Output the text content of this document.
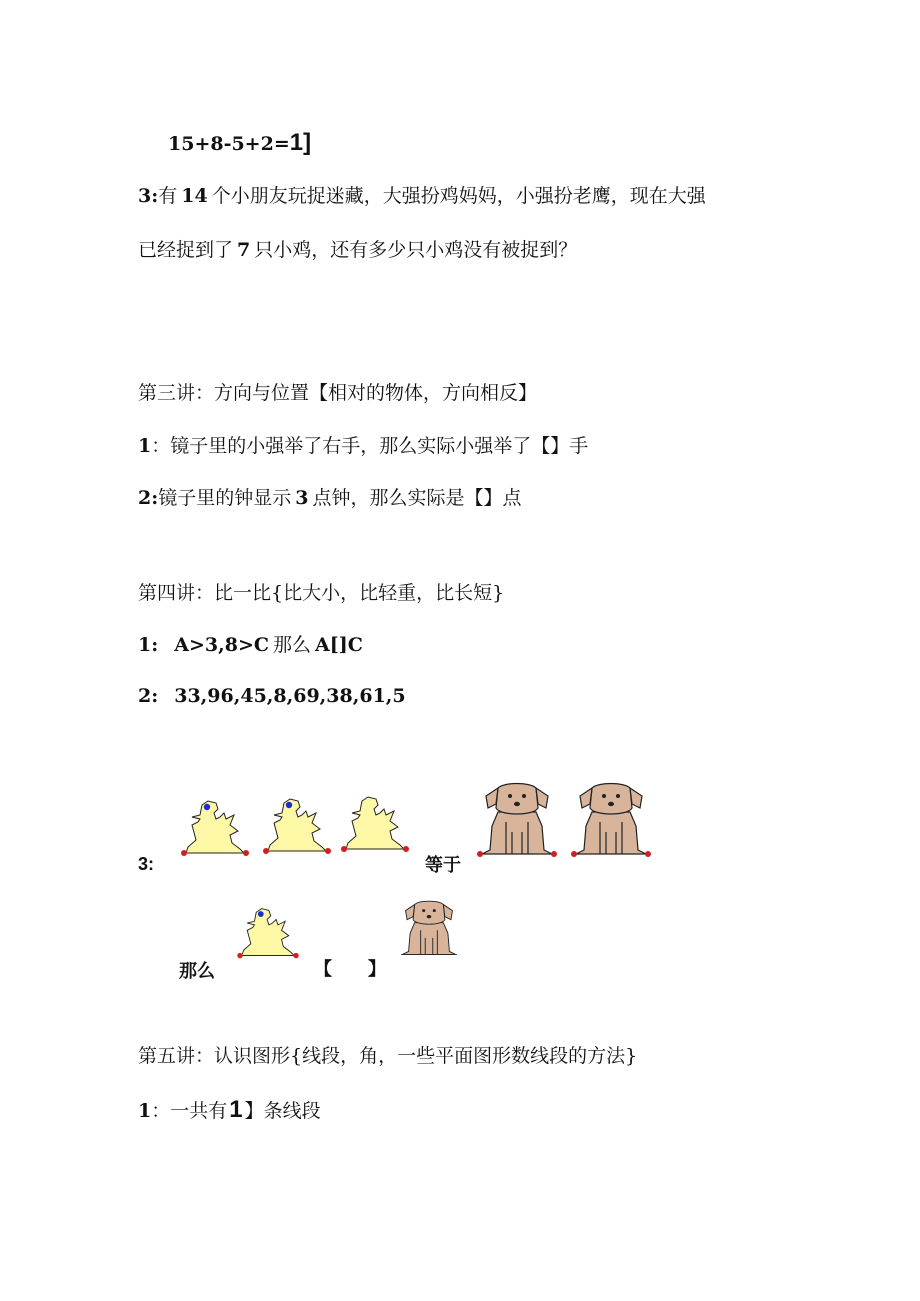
15+8-5+2=1]
3:有 14 个小朋友玩捉迷藏，大强扮鸡妈妈，小强扮老鹰，现在大强
已经捉到了 7 只小鸡，还有多少只小鸡没有被捉到？
第三讲：方向与位置【相对的物体，方向相反】
1：镜子里的小强举了右手，那么实际小强举了【】手
2:镜子里的钟显示 3 点钟，那么实际是【】点
第四讲：比一比{比大小，比轻重，比长短}
1: A>3,8>C 那么 A[]C
2: 33,96,45,8,69,38,61,5
3:	等于
那么	【　　】
第五讲：认识图形{线段，角，一些平面图形数线段的方法}
1：一共有1 】条线段
